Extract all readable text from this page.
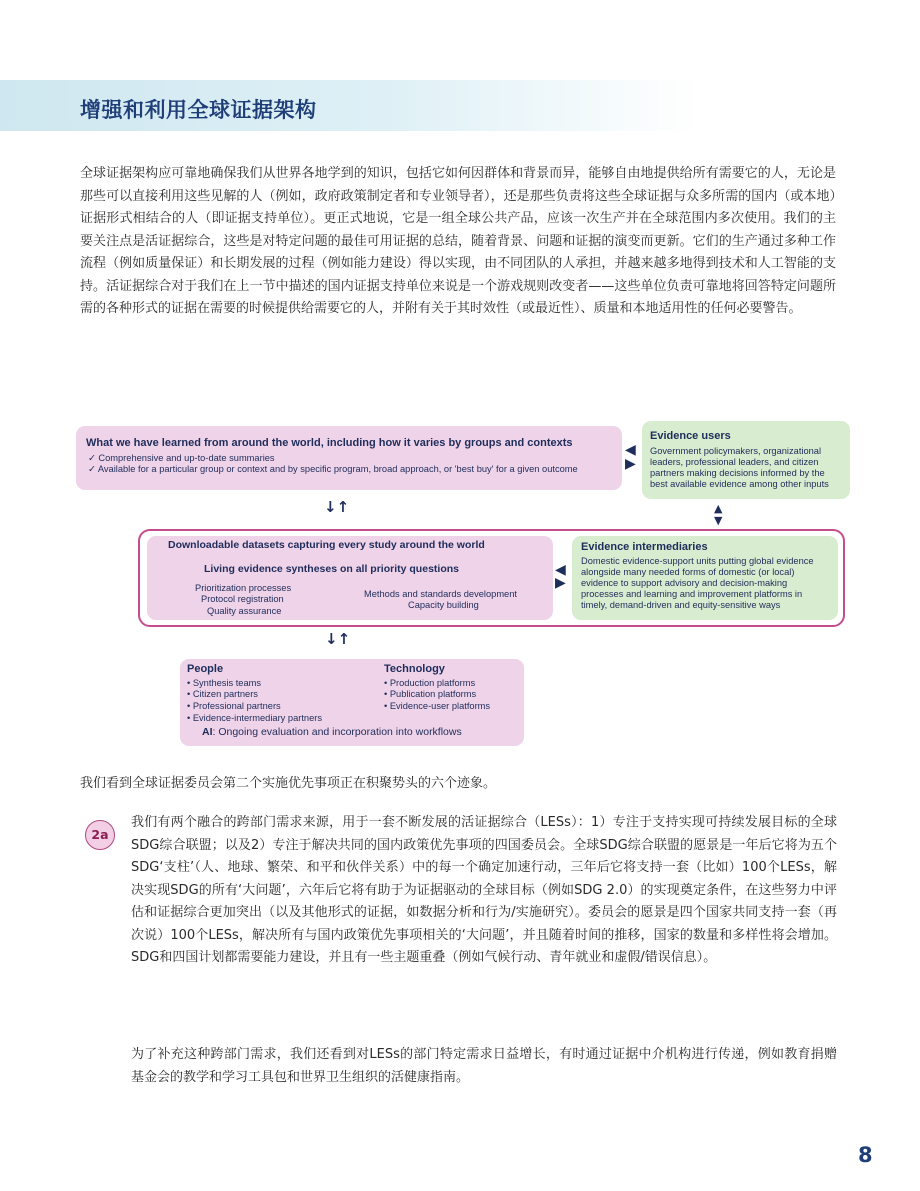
增强和利用全球证据架构
全球证据架构应可靠地确保我们从世界各地学到的知识，包括它如何因群体和背景而异，能够自由地提供给所有需要它的人，无论是那些可以直接利用这些见解的人（例如，政府政策制定者和专业领导者），还是那些负责将这些全球证据与众多所需的国内（或本地）证据形式相结合的人（即证据支持单位）。更正式地说，它是一组全球公共产品，应该一次生产并在全球范围内多次使用。我们的主要关注点是活证据综合，这些是对特定问题的最佳可用证据的总结，随着背景、问题和证据的演变而更新。它们的生产通过多种工作流程（例如质量保证）和长期发展的过程（例如能力建设）得以实现，由不同团队的人承担，并越来越多地得到技术和人工智能的支持。活证据综合对于我们在上一节中描述的国内证据支持单位来说是一个游戏规则改变者——这些单位负责可靠地将回答特定问题所需的各种形式的证据在需要的时候提供给需要它的人，并附有关于其时效性（或最近性）、质量和本地适用性的任何必要警告。
What we have learned from around the world, including how it varies by groups and contexts
✓ Comprehensive and up-to-date summaries
✓ Available for a particular group or context and by specific program, broad approach, or 'best buy' for a given outcome
◀
▶
Evidence users
Government policymakers, organizational
leaders, professional leaders, and citizen
partners making decisions informed by the
best available evidence among other inputs
↓↑	▲
▼
Downloadable datasets capturing every study around the world
Living evidence syntheses on all priority questions
Prioritization processes
Protocol registration
Quality assurance
Methods and standards development
Capacity building
◀
▶
Evidence intermediaries
Domestic evidence-support units putting global evidence
alongside many needed forms of domestic (or local)
evidence to support advisory and decision-making
processes and learning and improvement platforms in
timely, demand-driven and equity-sensitive ways
↓↑
People
• Synthesis teams
• Citizen partners
• Professional partners
• Evidence-intermediary partners
Technology
• Production platforms
• Publication platforms
• Evidence-user platforms
AI: Ongoing evaluation and incorporation into workflows
我们看到全球证据委员会第二个实施优先事项正在积聚势头的六个迹象。
2a
我们有两个融合的跨部门需求来源，用于一套不断发展的活证据综合（LESs）：1）专注于支持实现可持续发展目标的全球SDG综合联盟；以及2）专注于解决共同的国内政策优先事项的四国委员会。全球SDG综合联盟的愿景是一年后它将为五个SDG‘支柱’（人、地球、繁荣、和平和伙伴关系）中的每一个确定加速行动，三年后它将支持一套（比如）100个LESs，解决实现SDG的所有‘大问题’，六年后它将有助于为证据驱动的全球目标（例如SDG 2.0）的实现奠定条件，在这些努力中评估和证据综合更加突出（以及其他形式的证据，如数据分析和行为/实施研究）。委员会的愿景是四个国家共同支持一套（再次说）100个LESs，解决所有与国内政策优先事项相关的‘大问题’，并且随着时间的推移，国家的数量和多样性将会增加。SDG和四国计划都需要能力建设，并且有一些主题重叠（例如气候行动、青年就业和虚假/错误信息）。
为了补充这种跨部门需求，我们还看到对LESs的部门特定需求日益增长，有时通过证据中介机构进行传递，例如教育捐赠基金会的教学和学习工具包和世界卫生组织的活健康指南。
8
